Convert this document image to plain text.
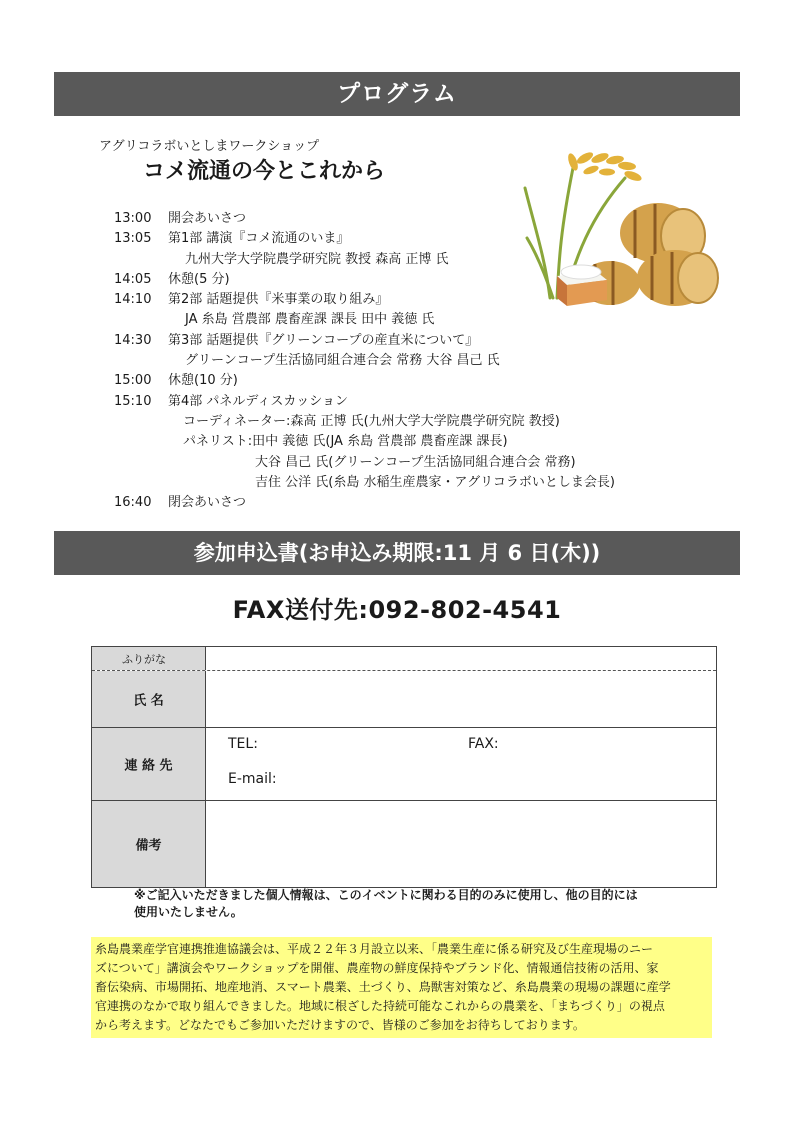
プログラム
アグリコラボいとしまワークショップ
コメ流通の今とこれから
13:00 開会あいさつ
13:05 第1部 講演『コメ流通のいま』
九州大学大学院農学研究院 教授 森高 正博 氏
14:05 休憩(5 分)
14:10 第2部 話題提供『米事業の取り組み』
JA 糸島 営農部 農畜産課 課長 田中 義徳 氏
14:30 第3部 話題提供『グリーンコープの産直米について』
グリーンコープ生活協同組合連合会 常務 大谷 昌己 氏
15:00 休憩(10 分)
15:10 第4部 パネルディスカッション
コーディネーター:森高 正博 氏(九州大学大学院農学研究院 教授)
パネリスト:田中 義徳 氏(JA 糸島 営農部 農畜産課 課長)
大谷 昌己 氏(グリーンコープ生活協同組合連合会 常務)
吉住 公洋 氏(糸島 水稲生産農家・アグリコラボいとしま会長)
16:40 閉会あいさつ
参加申込書(お申込み期限:11 月 6 日(木))
FAX送付先:092-802-4541
ふりがな
氏 名
連 絡 先
TEL:	FAX:
E-mail:
備考
※ご記入いただきました個人情報は、このイベントに関わる目的のみに使用し、他の目的には
使用いたしません。
糸島農業産学官連携推進協議会は、平成２２年３月設立以来、「農業生産に係る研究及び生産現場のニー
ズについて」講演会やワークショップを開催、農産物の鮮度保持やブランド化、情報通信技術の活用、家
畜伝染病、市場開拓、地産地消、スマート農業、土づくり、鳥獣害対策など、糸島農業の現場の課題に産学
官連携のなかで取り組んできました。地域に根ざした持続可能なこれからの農業を、「まちづくり」の視点
から考えます。どなたでもご参加いただけますので、皆様のご参加をお待ちしております。
